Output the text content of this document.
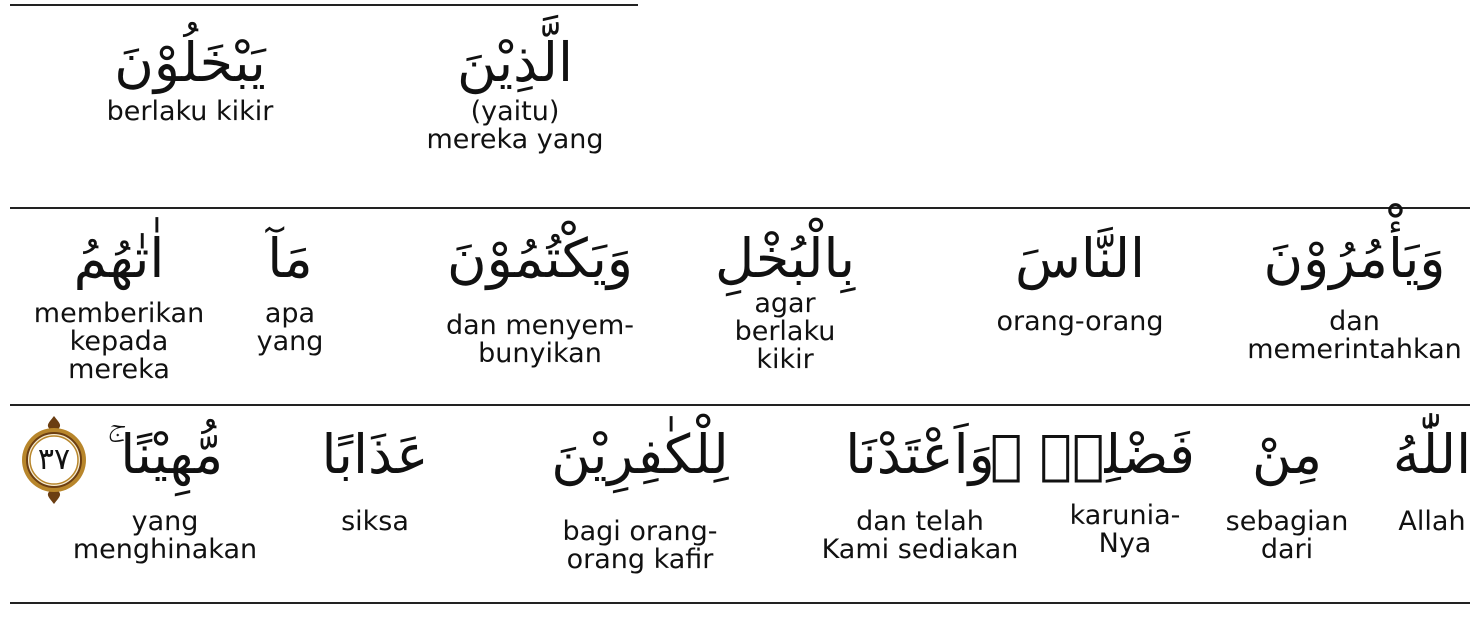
الَّذِيْنَ
(yaitu)
mereka yang
يَبْخَلُوْنَ
berlaku kikir
وَيَأْمُرُوْنَ
dan
memerintahkan
النَّاسَ
orang-orang
بِالْبُخْلِ
agar
berlaku
kikir
وَيَكْتُمُوْنَ
dan menyem-
bunyikan
مَآ
apa
yang
اٰتٰهُمُ
memberikan
kepada
mereka
اللّٰهُ
Allah
مِنْ
sebagian
dari
فَضْلِهٖ ۗ
karunia-
Nya
وَاَعْتَدْنَا
dan telah
Kami sediakan
لِلْكٰفِرِيْنَ
bagi orang-
orang kafir
عَذَابًا
siksa
مُّهِيْنًا ۚ
yang
menghinakan
٣٧
